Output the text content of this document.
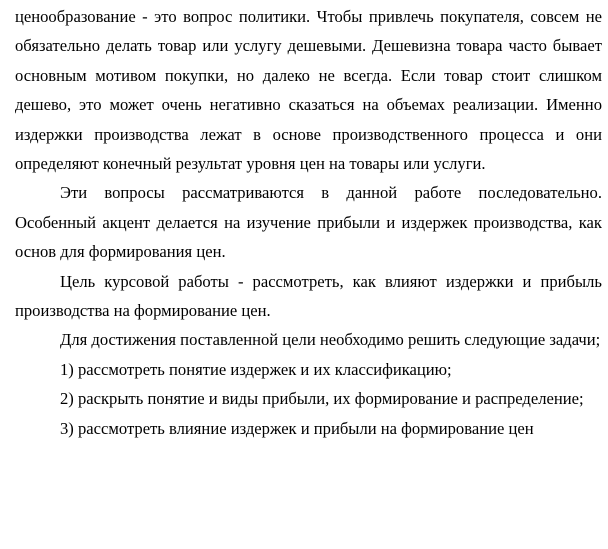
ценообразование - это вопрос политики. Чтобы привлечь покупателя, совсем не обязательно делать товар или услугу дешевыми. Дешевизна товара часто бывает основным мотивом покупки, но далеко не всегда. Если товар стоит слишком дешево, это может очень негативно сказаться на объемах реализации. Именно издержки производства лежат в основе производственного процесса и они определяют конечный результат уровня цен на товары или услуги.

Эти вопросы рассматриваются в данной работе последовательно. Особенный акцент делается на изучение прибыли и издержек производства, как основ для формирования цен.

Цель курсовой работы - рассмотреть, как влияют издержки и прибыль производства на формирование цен.

Для достижения поставленной цели необходимо решить следующие задачи;

1) рассмотреть понятие издержек и их классификацию;

2) раскрыть понятие и виды прибыли, их формирование и распределение;

3) рассмотреть влияние издержек и прибыли на формирование цен
